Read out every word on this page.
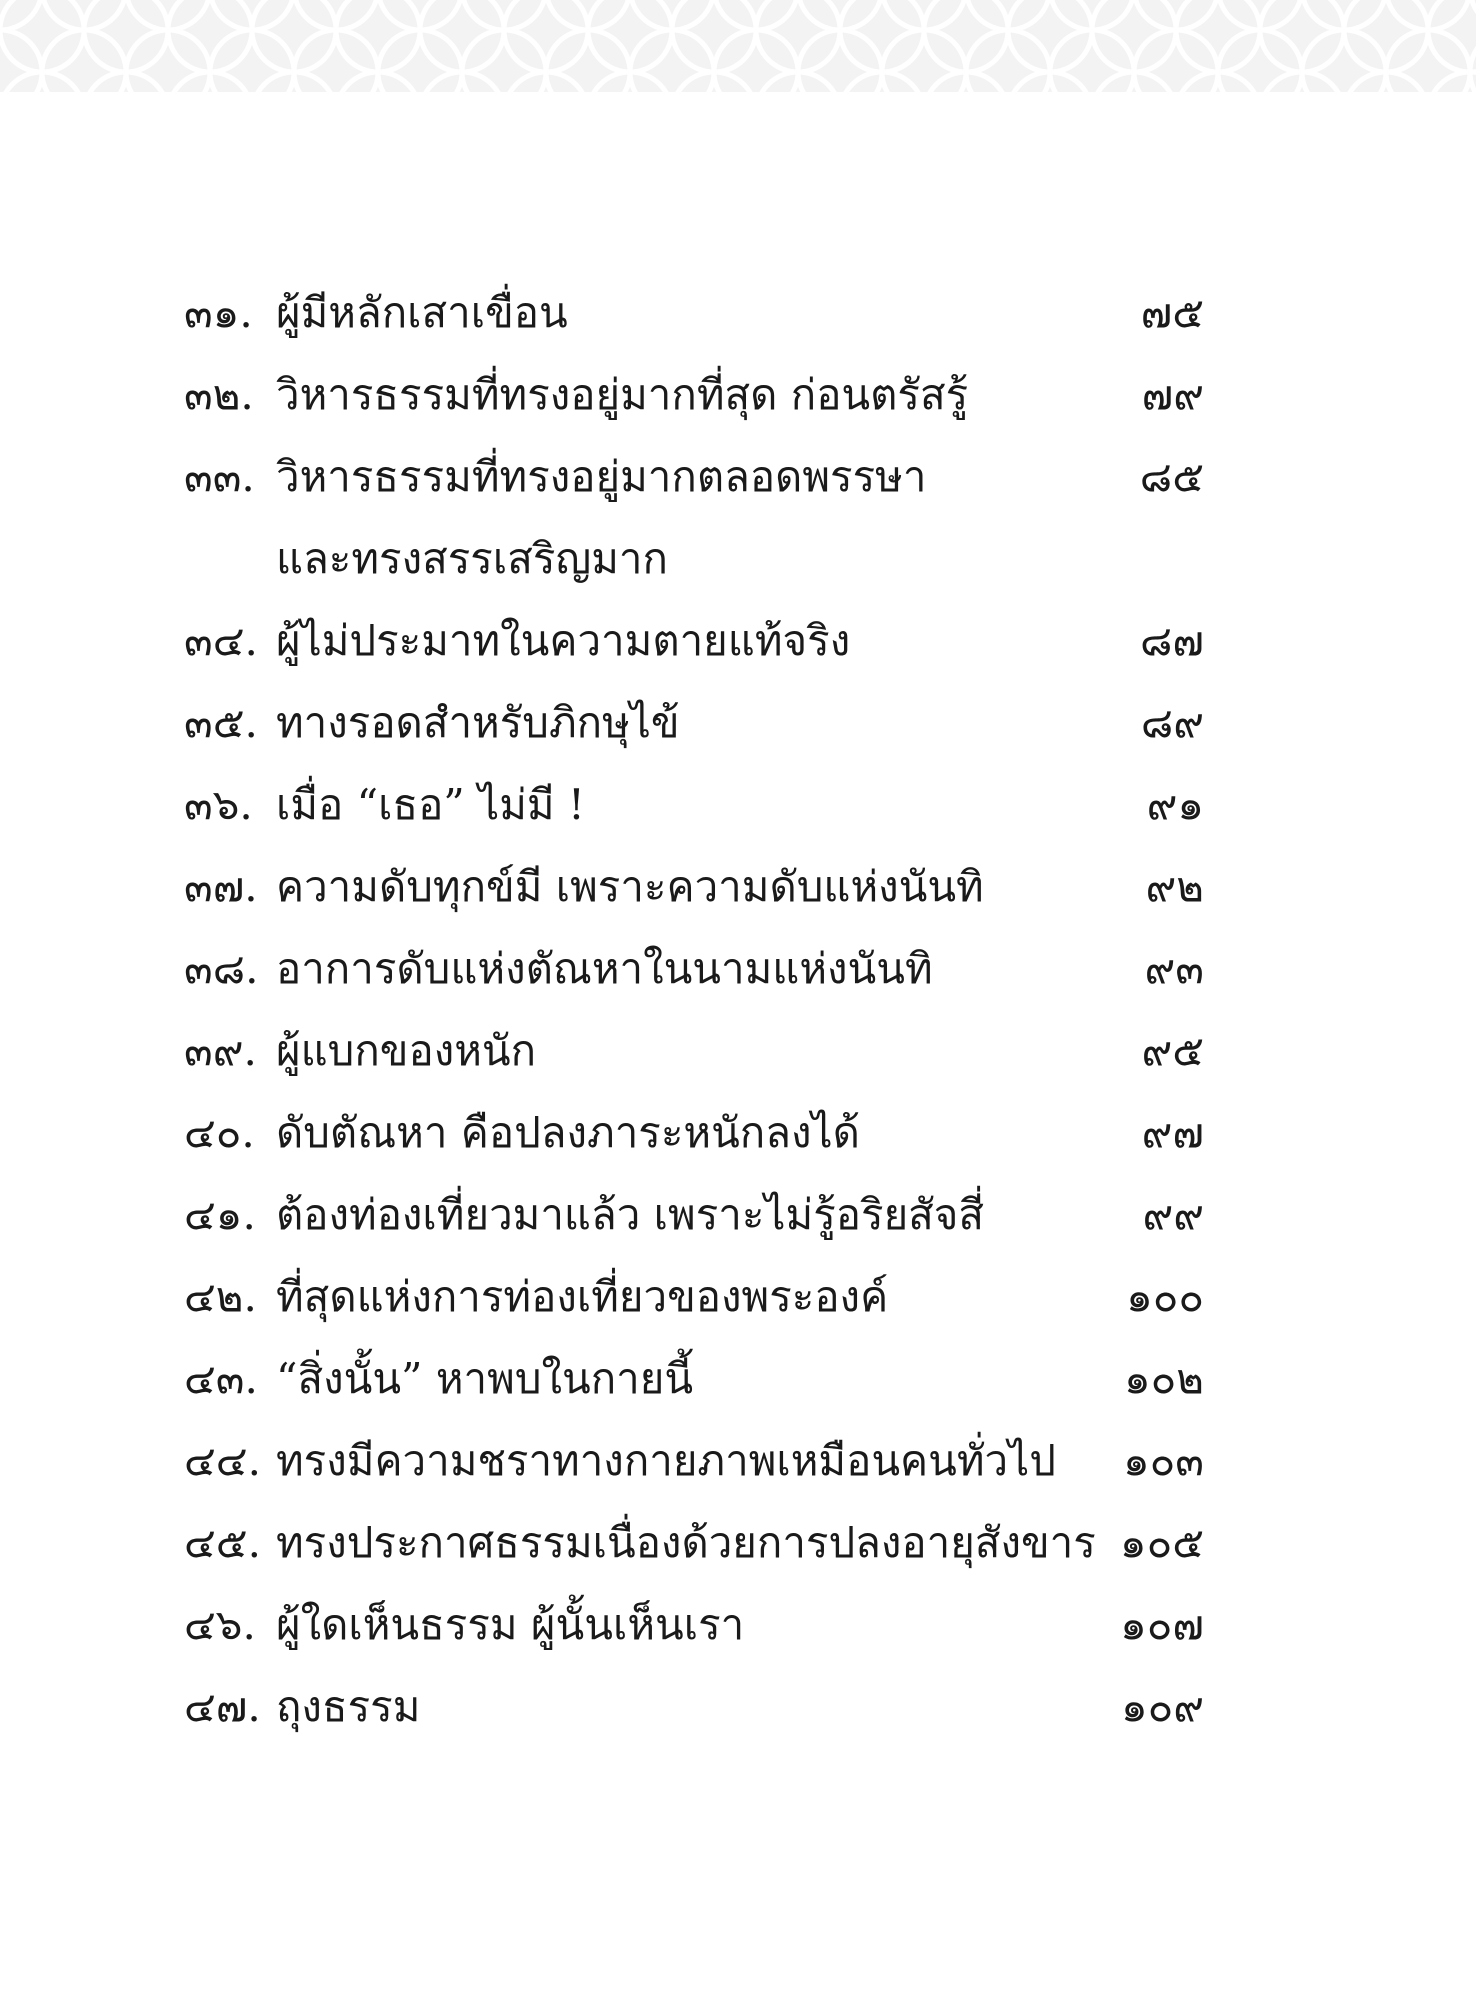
๓๑. ผู้มีหลักเสาเขื่อน	๗๕
๓๒. วิหารธรรมที่ทรงอยู่มากที่สุด ก่อนตรัสรู้	๗๙
๓๓. วิหารธรรมที่ทรงอยู่มากตลอดพรรษา	๘๕
และทรงสรรเสริญมาก
๓๔. ผู้ไม่ประมาทในความตายแท้จริง	๘๗
๓๕. ทางรอดสำหรับภิกษุไข้	๘๙
๓๖. เมื่อ “เธอ” ไม่มี !	๙๑
๓๗. ความดับทุกข์มี เพราะความดับแห่งนันทิ	๙๒
๓๘. อาการดับแห่งตัณหาในนามแห่งนันทิ	๙๓
๓๙. ผู้แบกของหนัก	๙๕
๔๐. ดับตัณหา คือปลงภาระหนักลงได้	๙๗
๔๑. ต้องท่องเที่ยวมาแล้ว เพราะไม่รู้อริยสัจสี่	๙๙
๔๒. ที่สุดแห่งการท่องเที่ยวของพระองค์	๑๐๐
๔๓. “สิ่งนั้น” หาพบในกายนี้	๑๐๒
๔๔. ทรงมีความชราทางกายภาพเหมือนคนทั่วไป ๑๐๓
๔๕. ทรงประกาศธรรมเนื่องด้วยการปลงอายุสังขาร ๑๐๕
๔๖. ผู้ใดเห็นธรรม ผู้นั้นเห็นเรา	๑๐๗
๔๗. ถุงธรรม	๑๐๙
